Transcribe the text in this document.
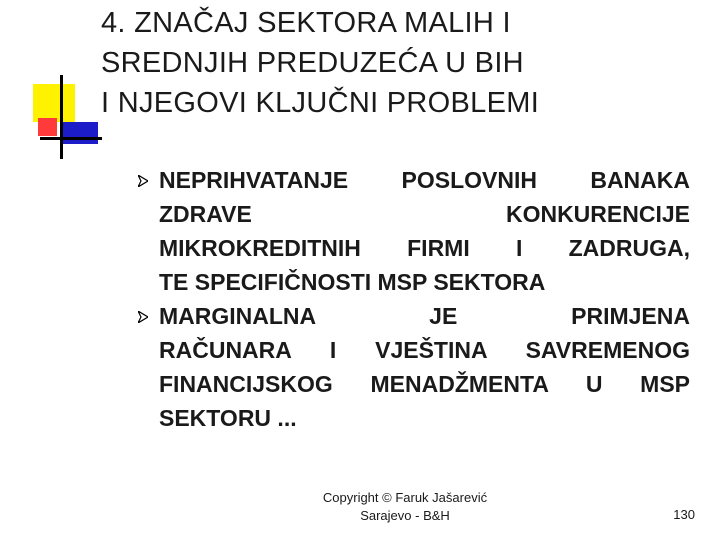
4. ZNAČAJ SEKTORA MALIH I
SREDNJIH PREDUZEĆA U BIH
I NJEGOVI KLJUČNI PROBLEMI
NEPRIHVATANJE POSLOVNIH BANAKA
ZDRAVE KONKURENCIJE
MIKROKREDITNIH FIRMI I ZADRUGA,
TE SPECIFIČNOSTI MSP SEKTORA
MARGINALNA JE PRIMJENA
RAČUNARA I VJEŠTINA SAVREMENOG
FINANCIJSKOG MENADŽMENTA U MSP
SEKTORU ...
Copyright © Faruk Jašarević
Sarajevo - B&H	130
